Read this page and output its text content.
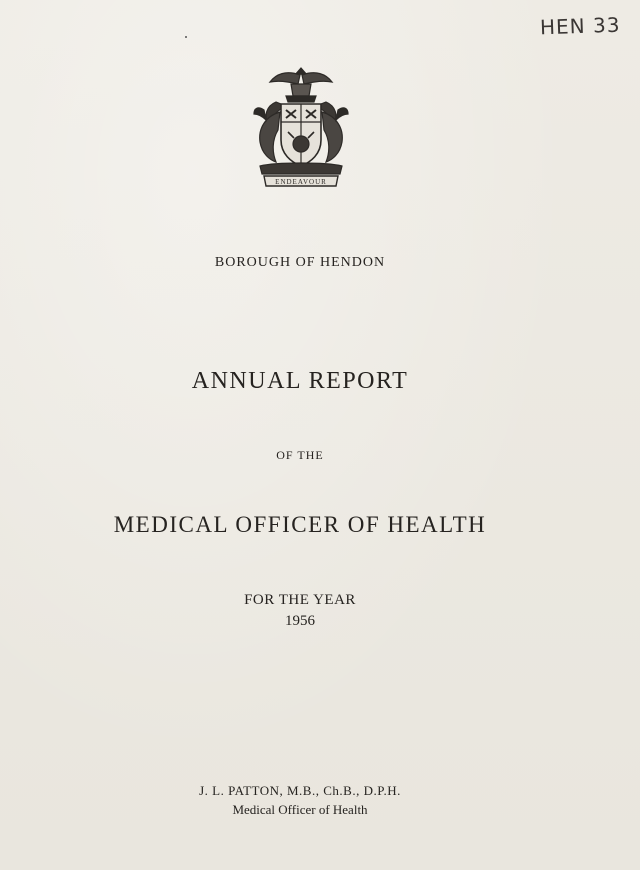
HEN 33
ENDEAVOUR
BOROUGH OF HENDON
ANNUAL REPORT
OF THE
MEDICAL OFFICER OF HEALTH
FOR THE YEAR
1956
J. L. PATTON, M.B., Ch.B., D.P.H.
Medical Officer of Health
